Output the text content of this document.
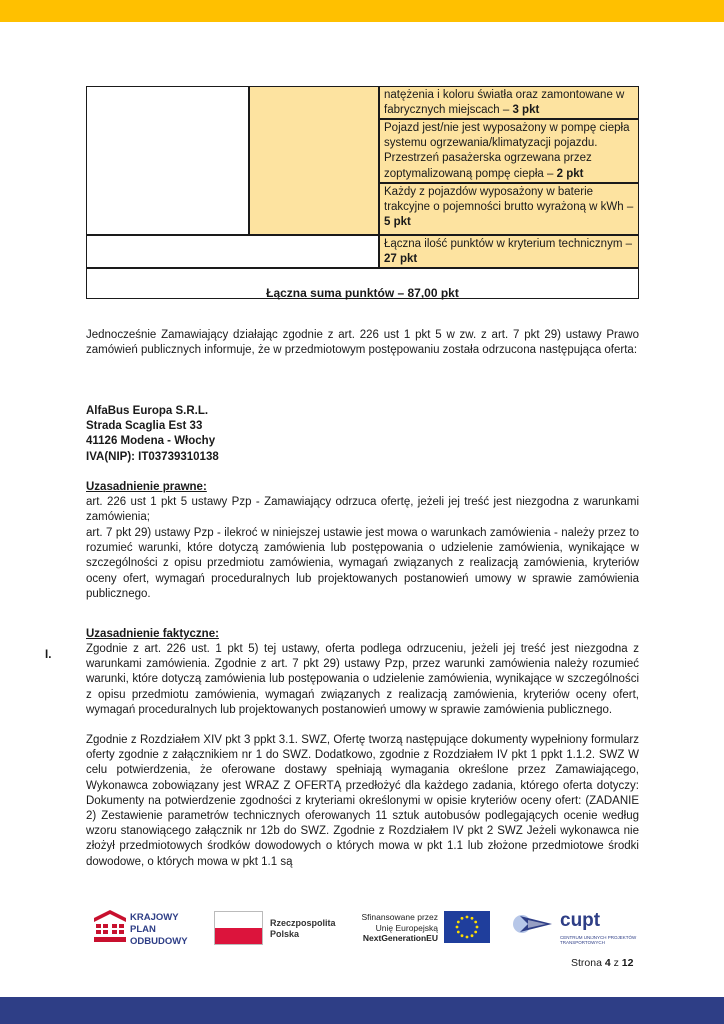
natężenia i koloru światła oraz zamontowane w fabrycznych miejscach – 3 pkt
Pojazd jest/nie jest wyposażony w pompę ciepła systemu ogrzewania/klimatyzacji pojazdu. Przestrzeń pasażerska ogrzewana przez zoptymalizowaną pompę ciepła – 2 pkt
Każdy z pojazdów wyposażony w baterie trakcyjne o pojemności brutto wyrażoną w kWh – 5 pkt
Łączna ilość punktów w kryterium technicznym – 27 pkt
Łączna suma punktów – 87,00 pkt
Jednocześnie Zamawiający działając zgodnie z art. 226 ust 1 pkt 5 w zw. z art. 7 pkt 29) ustawy Prawo zamówień publicznych informuje, że w przedmiotowym postępowaniu została odrzucona następująca oferta:
AlfaBus Europa S.R.L.
Strada Scaglia Est 33
41126 Modena - Włochy
IVA(NIP): IT03739310138
Uzasadnienie prawne:
art. 226 ust 1 pkt 5 ustawy Pzp - Zamawiający odrzuca ofertę, jeżeli jej treść jest niezgodna z warunkami zamówienia;
art. 7 pkt 29) ustawy Pzp - ilekroć w niniejszej ustawie jest mowa o warunkach zamówienia - należy przez to rozumieć warunki, które dotyczą zamówienia lub postępowania o udzielenie zamówienia, wynikające w szczególności z opisu przedmiotu zamówienia, wymagań związanych z realizacją zamówienia, kryteriów oceny ofert, wymagań proceduralnych lub projektowanych postanowień umowy w sprawie zamówienia publicznego.
Uzasadnienie faktyczne:
I.	Zgodnie z art. 226 ust. 1 pkt 5) tej ustawy, oferta podlega odrzuceniu, jeżeli jej treść jest niezgodna z warunkami zamówienia. Zgodnie z art. 7 pkt 29) ustawy Pzp, przez warunki zamówienia należy rozumieć warunki, które dotyczą zamówienia lub postępowania o udzielenie zamówienia, wynikające w szczególności z opisu przedmiotu zamówienia, wymagań związanych z realizacją zamówienia, kryteriów oceny ofert, wymagań proceduralnych lub projektowanych postanowień umowy w sprawie zamówienia publicznego.
Zgodnie z Rozdziałem XIV pkt 3 ppkt 3.1. SWZ, Ofertę tworzą następujące dokumenty wypełniony formularz oferty zgodnie z załącznikiem nr 1 do SWZ. Dodatkowo, zgodnie z Rozdziałem IV pkt 1 ppkt 1.1.2. SWZ W celu potwierdzenia, że oferowane dostawy spełniają wymagania określone przez Zamawiającego, Wykonawca zobowiązany jest WRAZ Z OFERTĄ przedłożyć dla każdego zadania, którego oferta dotyczy: Dokumenty na potwierdzenie zgodności z kryteriami określonymi w opisie kryteriów oceny ofert: (ZADANIE 2) Zestawienie parametrów technicznych oferowanych 11 sztuk autobusów podlegających ocenie według wzoru stanowiącego załącznik nr 12b do SWZ. Zgodnie z Rozdziałem IV pkt 2 SWZ Jeżeli wykonawca nie złożył przedmiotowych środków dowodowych o których mowa w pkt 1.1 lub złożone przedmiotowe środki dowodowe, o których mowa w pkt 1.1 są
KRAJOWY
PLAN
ODBUDOWY
Rzeczpospolita
Polska
Sfinansowane przez
Unię Europejską
NextGenerationEU
cupt
CENTRUM UNIJNYCH PROJEKTÓW TRANSPORTOWYCH
Strona 4 z 12
